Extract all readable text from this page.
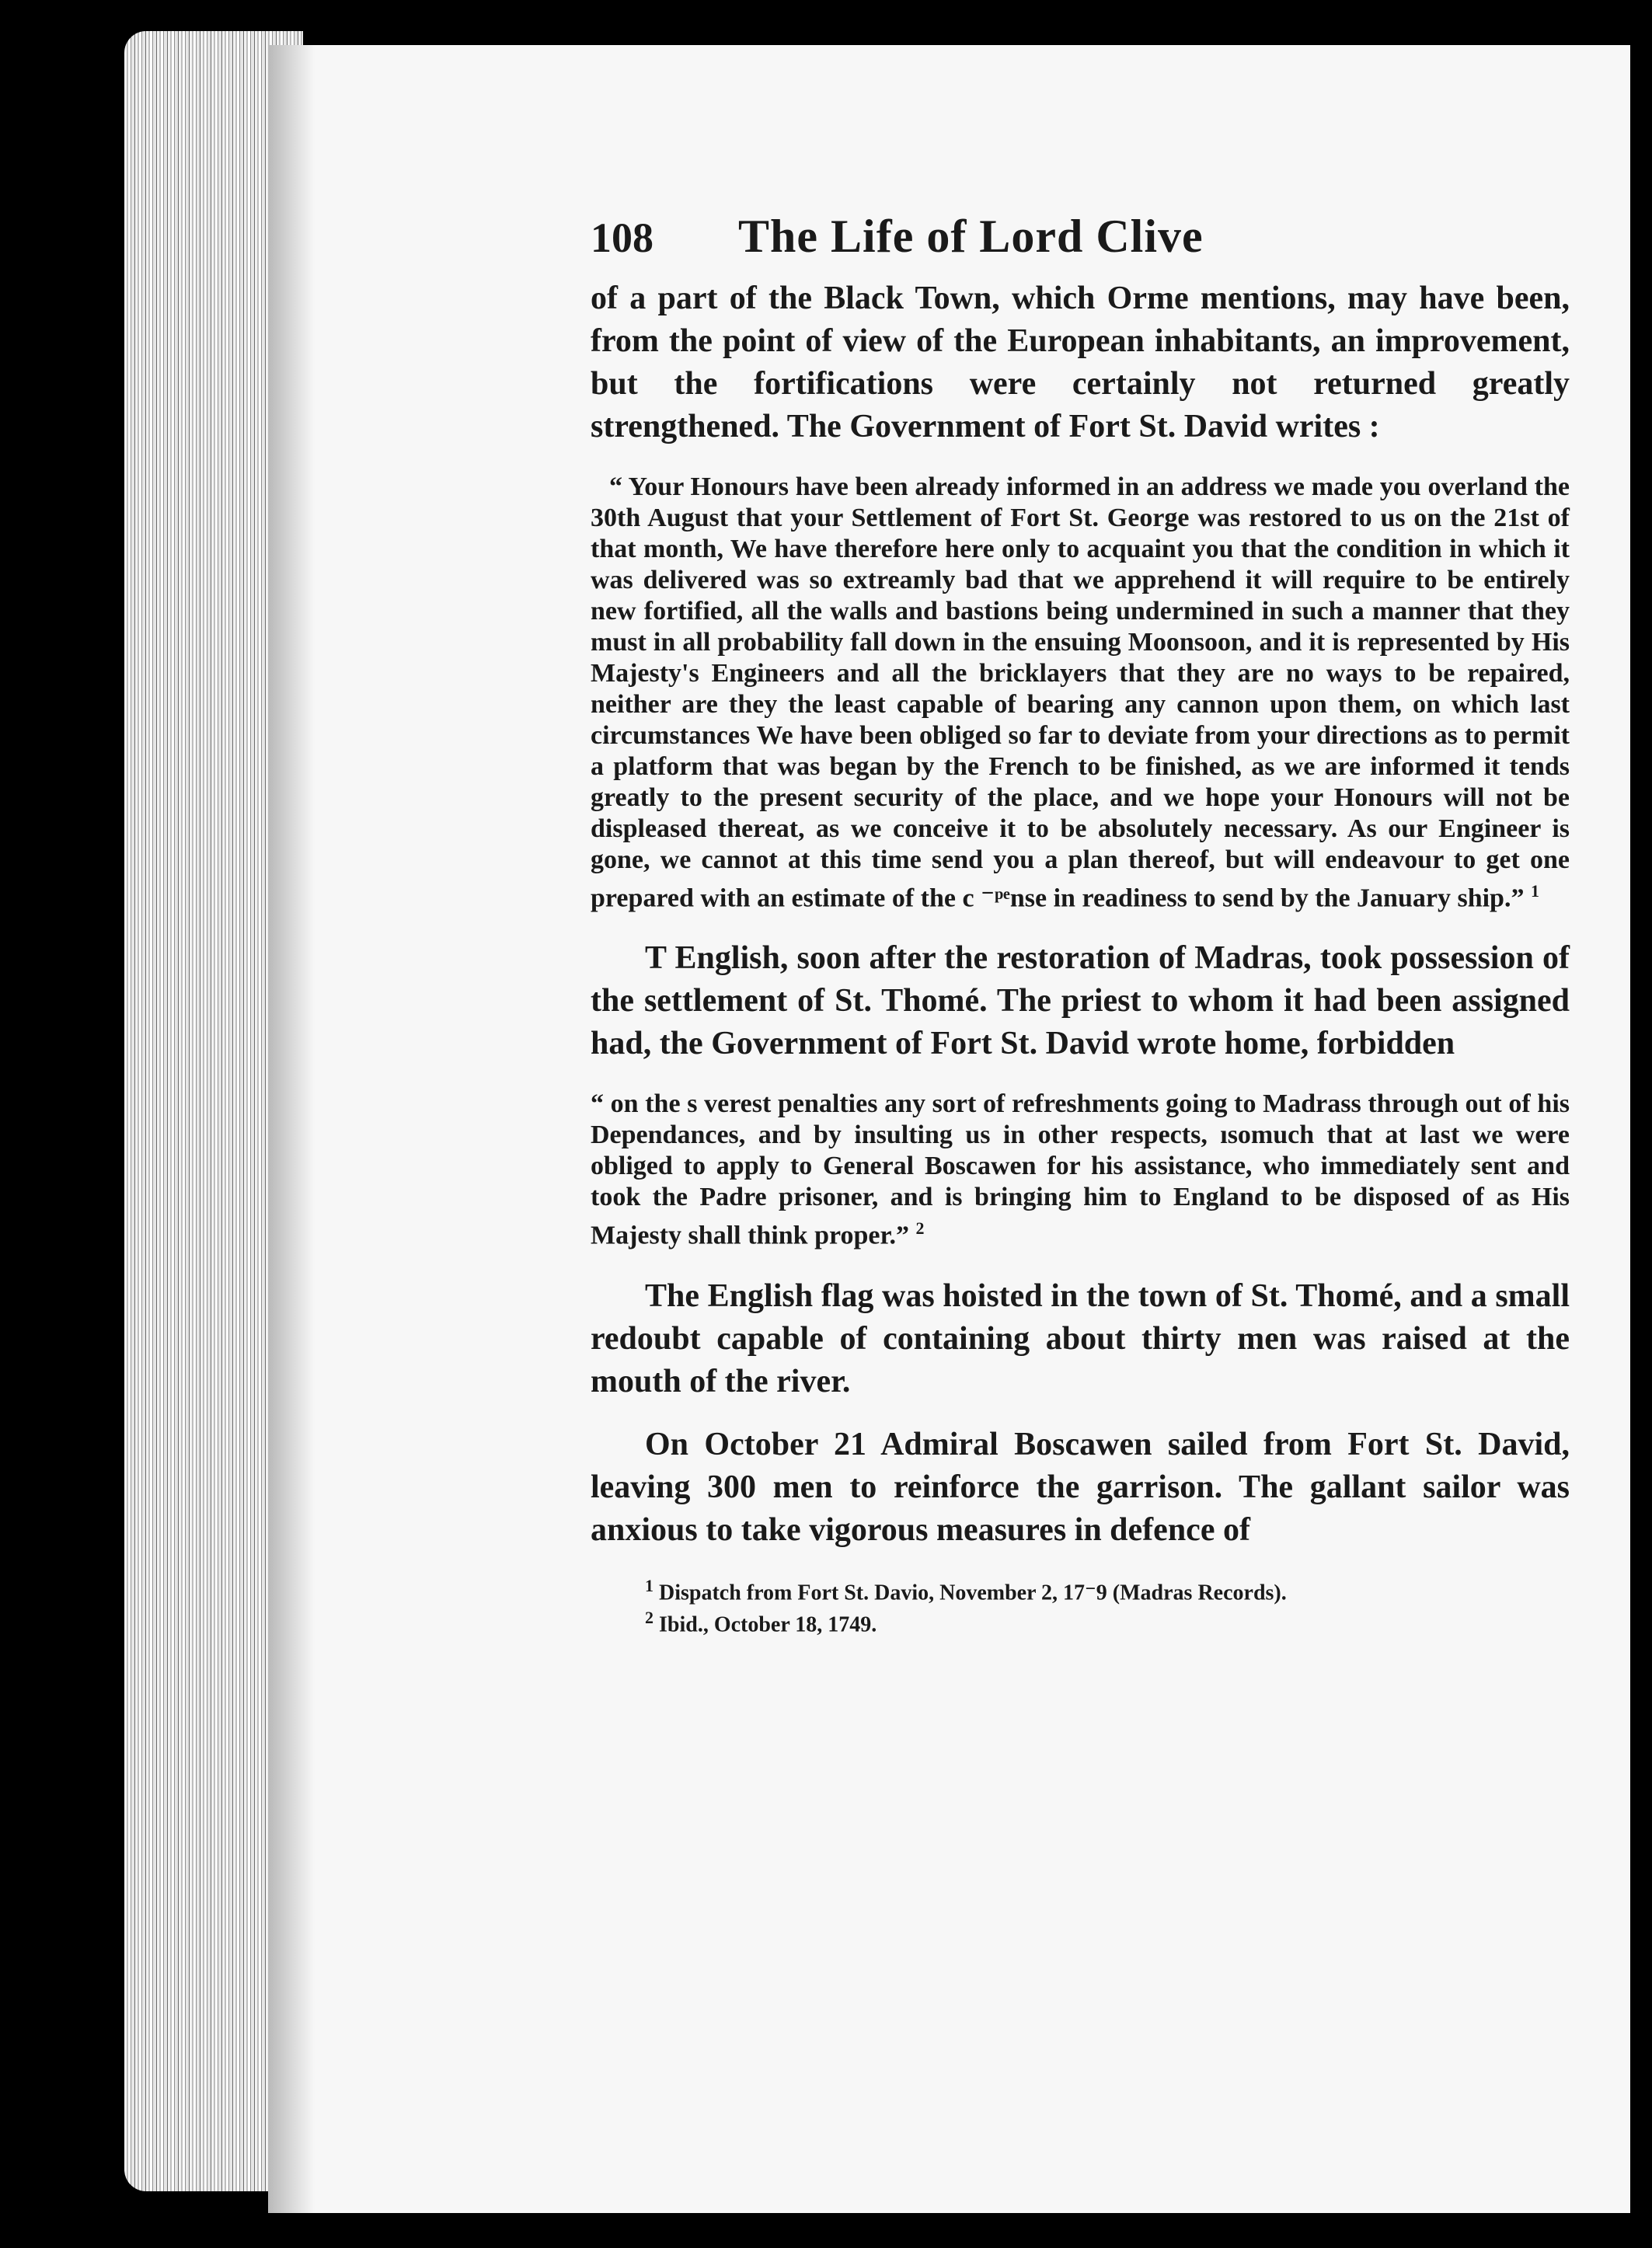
108	The Life of Lord Clive

of a part of the Black Town, which Orme mentions, may have been, from the point of view of the European inhabitants, an improvement, but the fortifications were certainly not returned greatly strengthened. The Government of Fort St. David writes :

“ Your Honours have been already informed in an address we made you overland the 30th August that your Settlement of Fort St. George was restored to us on the 21st of that month, We have therefore here only to acquaint you that the condition in which it was delivered was so extreamly bad that we apprehend it will require to be entirely new fortified, all the walls and bastions being undermined in such a manner that they must in all probability fall down in the ensuing Moonsoon, and it is represented by His Majesty's Engineers and all the bricklayers that they are no ways to be repaired, neither are they the least capable of bearing any cannon upon them, on which last circumstances We have been obliged so far to deviate from your directions as to permit a platform that was began by the French to be finished, as we are informed it tends greatly to the present security of the place, and we hope your Honours will not be displeased thereat, as we conceive it to be absolutely necessary. As our Engineer is gone, we cannot at this time send you a plan thereof, but will endeavour to get one prepared with an estimate of the c ⁻ᵖᵉnse in readiness to send by the January ship.” $^1$

T English, soon after the restoration of Madras, took possession of the settlement of St. Thomé. The priest to whom it had been assigned had, the Government of Fort St. David wrote home, forbidden

“ on the s verest penalties any sort of refreshments going to Madrass through out of his Dependances, and by insulting us in other respects, ısomuch that at last we were obliged to apply to General Boscawen for his assistance, who immediately sent and took the Padre prisoner, and is bringing him to England to be disposed of as His Majesty shall think proper.” $^2$

The English flag was hoisted in the town of St. Thomé, and a small redoubt capable of containing about thirty men was raised at the mouth of the river.

On October 21 Admiral Boscawen sailed from Fort St. David, leaving 300 men to reinforce the garrison. The gallant sailor was anxious to take vigorous measures in defence of

$^1$ Dispatch from Fort St. Davio, November 2, 17⁻9 (Madras Records).
$^2$ Ibid., October 18, 1749.
